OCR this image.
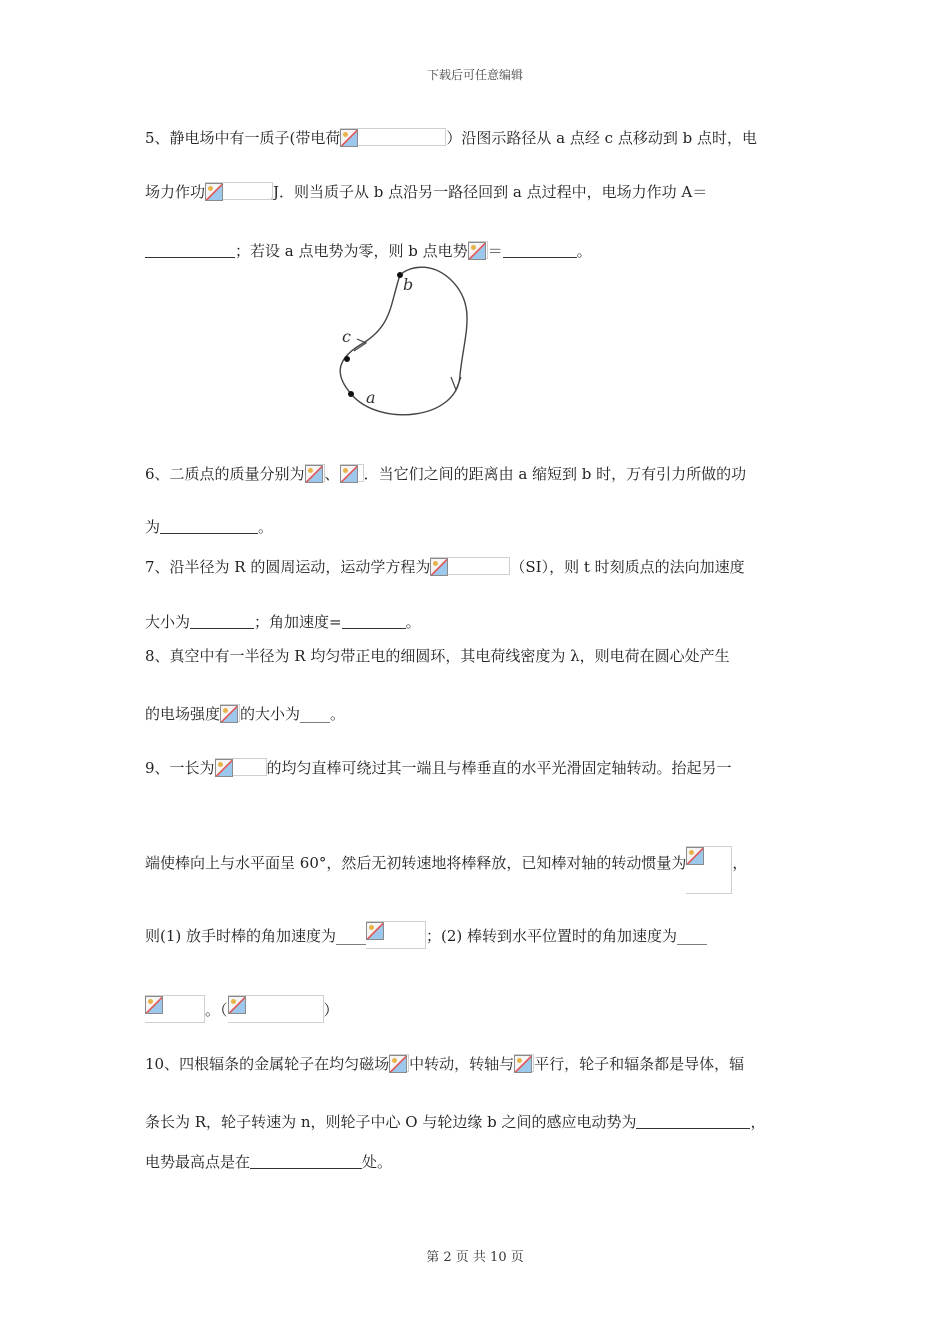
下载后可任意编辑
5、静电场中有一质子(带电荷	）沿图示路径从 a 点经 c 点移动到 b 点时，电
场力作功	J．则当质子从 b 点沿另一路径回到 a 点过程中，电场力作功 A＝
；若设 a 点电势为零，则 b 点电势 ＝	。
b
c
a
6、二质点的质量分别为 、 ．当它们之间的距离由 a 缩短到 b 时，万有引力所做的功
为	。
7、沿半径为 R 的圆周运动，运动学方程为	（SI），则 t 时刻质点的法向加速度
大小为	；角加速度=	。
8、真空中有一半径为 R 均匀带正电的细圆环，其电荷线密度为 λ，则电荷在圆心处产生
的电场强度 的大小为____。
9、一长为	的均匀直棒可绕过其一端且与棒垂直的水平光滑固定轴转动。抬起另一
端使棒向上与水平面呈 60°，然后无初转速地将棒释放，已知棒对轴的转动惯量为	，
则(1) 放手时棒的角加速度为____	；(2) 棒转到水平位置时的角加速度为____
。（	）
10、四根辐条的金属轮子在均匀磁场 中转动，转轴与 平行，轮子和辐条都是导体，辐
条长为 R，轮子转速为 n，则轮子中心 O 与轮边缘 b 之间的感应电动势为	，
电势最高点是在	处。
第 2 页 共 10 页
